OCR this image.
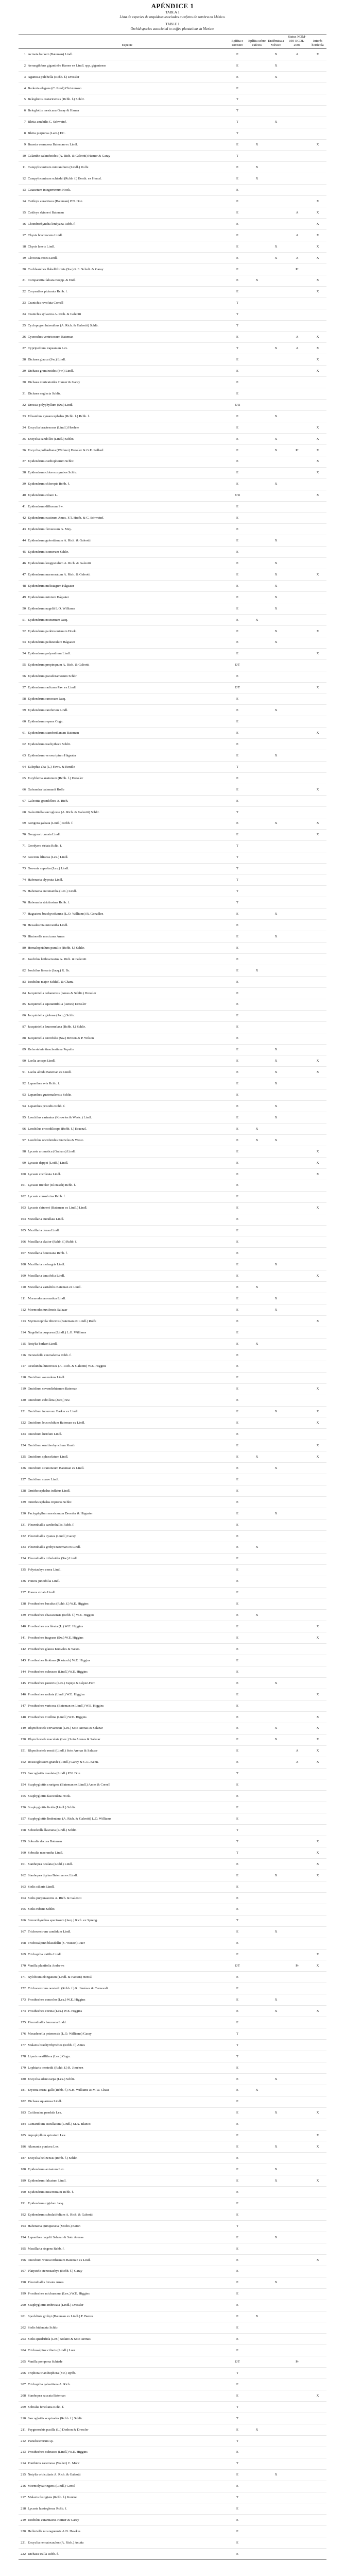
APÉNDICE 1
TABLA 1
Lista de especies de orquídeas asociadas a cafetos de sombra en México.
TABLE 1
Orchid species associated to coffee plantations in Mexico.
	Especie	Epífita o terrestre	Epífita sobre cafetos	Endémica a México	Status NOM-059-ECOL-2001	Interés hortícola
1	Acineta barkeri (Bateman) Lindl.	E		X	A	X
2	Aerangilobus gigantiebe Hamer ex Lindl. spp. gigantense	E		X		
3	Aganisia pulchella (Rchb. f.) Dressler	E		X		
4	Barkeria elegans (C. Presl) Christenson	E				
5	Beloglottis costaricensis (Rchb. f.) Schltr.	T				
6	Beloglottis mexicana Garay & Hamer	T				
7	Bletia amabilis C. Schweinf.	T		X		
8	Bletia purpurea (Lam.) DC.	T				
9	Brassia verrucosa Bateman ex Lindl.	E	X			X
10	Calanthe calanthoides (A. Rich. & Galeotti) Hamer & Garay	T				
11	Campylocentrum micranthum (Lindl.) Rolfe	E	X			
12	Campylocentrum schiedei (Rchb. f.) Benth. ex Hemsl.	E	X			
13	Catasetum integerrimum Hook.	E				
14	Cattleya aurantiaca (Bateman) P.N. Don	E				X
15	Cattleya skinneri Bateman	E			A	X
16	Chondrorhyncha lendyana Rchb. f.	E				X
17	Chysis bractescens Lindl.	E			A	X
18	Chysis laevis Lindl.	E		X		X
19	Clowesia rosea Lindl.	E		X	A	X
20	Cochleanthes flabelliformis (Sw.) R.E. Schult. & Garay	E			Pr	
21	Comparettia falcata Poepp. & Endl.	E	X			X
22	Coryanthes picturata Rchb. f.	E				X
23	Cranichis revoluta Correll	T				
24	Cranichis sylvatica A. Rich. & Galeotti	T				
25	Cyclopogon luteoalbus (A. Rich. & Galeotti) Schltr.	T				
26	Cycnoches ventricosum Bateman	E			A	X
27	Cypripedium irapeanum Lex.	T		X	A	X
28	Dichaea glauca (Sw.) Lindl.	E				X
29	Dichaea graminoides (Sw.) Lindl.	E				X
30	Dichaea muricatoides Hamer & Garay	E				
31	Dichaea neglecta Schltr.	E				
32	Dressia polyphyllum (Sw.) Lindl.	E/R				
33	Elleanthus cynarocephalus (Rchb. f.) Rchb. f.	E		X		
34	Encyclia bractescens (Lindl.) Hoehne	E				X
35	Encyclia candollei (Lindl.) Schltr.	E		X		X
36	Encyclia pollardiana (Withner) Dressler & G.E. Pollard	E		X	Pr	X
37	Epidendrum cardiophorum Schltr.	E				X
38	Epidendrum chlorocorymbos Schltr.	E				X
39	Epidendrum chloropis Rchb. f.	E		X		
40	Epidendrum ciliare L.	E/R				X
41	Epidendrum diffusum Sw.	E				
42	Epidendrum eustirum Ames, F.T. Hubb. & C. Schweinf.	E				
43	Epidendrum flexuosum G. Mey.	E				
44	Epidendrum galeottianum A. Rich. & Galeotti	E		X		
45	Epidendrum isomerum Schltr.	E				
46	Epidendrum longipetalum A. Rich. & Galeotti	E		X		
47	Epidendrum marmoratum A. Rich. & Galeotti	E		X		X
48	Epidendrum melistagum Hágsater	E		X		
49	Epidendrum mixtum Hágsater	E		X		
50	Epidendrum nagelii L.O. Williams	E		X		
51	Epidendrum nocturnum Jacq.	E	X			
52	Epidendrum parkinsonianum Hook.	E		X		X
53	Epidendrum pedunculare Hágsater	E		X		
54	Epidendrum polyanthum Lindl.	E				X
55	Epidendrum propinquum A. Rich. & Galeotti	E/T				
56	Epidendrum pseudoramosum Schltr.	E				
57	Epidendrum radicans Pav. ex Lindl.	E/T				X
58	Epidendrum ramosum Jacq.	E				
59	Epidendrum raniferum Lindl.	E		X		
60	Epidendrum repens Cogn.	E				
61	Epidendrum stamfordianum Bateman	E				X
62	Epidendrum trachythece Schltr.	E				
63	Epidendrum veroscriptum Hágsater	E		X		
64	Eulophia alta (L.) Fawc. & Rendle	T				
65	Euryblema anatonum (Rchb. f.) Dressler	E				
66	Galeandra batemanii Rolfe	E				X
67	Galeottia grandiflora A. Rich.	E				
68	Galeottiella sarcoglossa (A. Rich. & Galeotti) Schltr.	T				
69	Gongora galeata (Lindl.) Rchb. f.	E		X		X
70	Gongora truncata Lindl.	E				X
71	Goodyera striata Rchb. f.	T				
72	Govenia liliacea (Lex.) Lindl.	T				
73	Govenia superba (Lex.) Lindl.	T				
74	Habenaria clypeata Lindl.	T				
75	Habenaria entomantha (Lex.) Lindl.	T				
76	Habenaria strictissima Rchb. f.	T				
77	Hagsatera brachycolumna (L.O. Williams) R. González	E		X		
78	Hexadesmia micrantha Lindl.	E				
79	Hintonella mexicana Ames	E		X		
80	Homalopetalum pumilio (Rchb. f.) Schltr.	E				
81	Isochilus latibracteatus A. Rich. & Galeotti	E				
82	Isochilus linearis (Jacq.) R. Br.	E	X			
83	Isochilus major Schltdl. & Cham.	E				
84	Jacquiniella cobanensis (Ames & Schltr.) Dressler	E				
85	Jacquiniella equitantifolia (Ames) Dressler	E				
86	Jacquiniella globosa (Jacq.) Schltr.	E				
87	Jacquiniella leucomelana (Rchb. f.) Schltr.	E				
88	Jacquiniella teretifolia (Sw.) Britton & P. Wilson	E				
89	Kefersteinia tinschertiana Pupulin	E		X		
90	Laelia anceps Lindl.	E		X		X
91	Laelia albida Bateman ex Lindl.	E		X		X
92	Lepanthes avis Rchb. f.	E		X		
93	Lepanthes guatemalensis Schltr.	E				
94	Lepanthes pristidis Rchb. f.	E		X		
95	Leochilus carinatus (Knowles & Westc.) Lindl.	E		X		
96	Leochilus crocodiliceps (Rchb. f.) Kraenzl.	E	X			
97	Leochilus oncidioides Knowles & Westc.	E	X	X		
98	Lycaste aromatica (Graham) Lindl.	E				X
99	Lycaste deppei (Lodd.) Lindl.	E				X
100	Lycaste cochleata Lindl.	E				X
101	Lycaste tricolor (Klotzsch) Rchb. f.	E				
102	Lycaste consobrina Rchb. f.	E				
103	Lycaste skinneri (Bateman ex Lindl.) Lindl.	E				X
104	Maxillaria cucullata Lindl.	E				
105	Maxillaria densa Lindl.	E				
106	Maxillaria elatior (Rchb. f.) Rchb. f.	E				
107	Maxillaria houtteana Rchb. f.	E				
108	Maxillaria meleagris Lindl.	E		X		
109	Maxillaria tenuifolia Lindl.	E				X
110	Maxillaria variabilis Bateman ex Lindl.	E	X			
111	Mormodes aromatica Lindl.	E		X		
112	Mormodes tuxtlensis Salazar	E		X		
113	Myrmecophila tibicinis (Bateman ex Lindl.) Rolfe	E				X
114	Nageliella purpurea (Lindl.) L.O. Williams	E				
115	Notylia barkeri Lindl.	E	X			
116	Oerstedella centradenia Rchb. f.	E				
117	Oestlundia luteorosea (A. Rich. & Galeotti) W.E. Higgins	E				
118	Oncidium ascendens Lindl.	E				
119	Oncidium cavendishianum Bateman	E				X
120	Oncidium cebolleta (Jacq.) Sw.	E				
121	Oncidium incurvum Barker ex Lindl.	E		X		X
122	Oncidium leucochilum Bateman ex Lindl.	E				X
123	Oncidium luridum Lindl.	E				
124	Oncidium ornithorhynchum Kunth	E				X
125	Oncidium sphacelatum Lindl.	E	X			X
126	Oncidium stramineum Bateman ex Lindl.	E		X		
127	Oncidium suave Lindl.	E				
128	Ornithocephalus inflatus Lindl.	E				
129	Ornithocephalus tripterus Schltr.	E				
130	Pachyphyllum mexicanum Dressler & Hágsater	E		X		
131	Pleurothallis cardiothallis Rchb. f.	E				
132	Pleurothallis cyanea (Lindl.) Garay	E				
133	Pleurothallis grobyi Bateman ex Lindl.	E	X			
134	Pleurothallis tribuloides (Sw.) Lindl.	E				
135	Polystachya cerea Lindl.	E				
136	Ponera juncifolia Lindl.	E				
137	Ponera striata Lindl.	E				
138	Prosthechea baculus (Rchb. f.) W.E. Higgins	E				
139	Prosthechea chacaoensis (Rchb. f.) W.E. Higgins	E	X			
140	Prosthechea cochleata (L.) W.E. Higgins	E				X
141	Prosthechea fragrans (Sw.) W.E. Higgins	E				X
142	Prosthechea glauca Knowles & Westc.	E				
143	Prosthechea linkiana (Klotzsch) W.E. Higgins	E				
144	Prosthechea ochracea (Lindl.) W.E. Higgins	E				
145	Prosthechea pastoris (Lex.) Espejo & López-Ferr.	E		X		
146	Prosthechea radiata (Lindl.) W.E. Higgins	E				X
147	Prosthechea varicosa (Bateman ex Lindl.) W.E. Higgins	E				
148	Prosthechea vitellina (Lindl.) W.E. Higgins	E				X
149	Rhynchostele cervantesii (Lex.) Soto Arenas & Salazar	E		X		X
150	Rhynchostele maculata (Lex.) Soto Arenas & Salazar	E		X		X
151	Rhynchostele rossii (Lindl.) Soto Arenas & Salazar	E			A	X
152	Rossioglossum grande (Lindl.) Garay & G.C. Kenn.	E			A	X
153	Sarcoglottis rosulata (Lindl.) P.N. Don	T				
154	Scaphyglottis crurigera (Bateman ex Lindl.) Ames & Correll	E				
155	Scaphyglottis fasciculata Hook.	E				
156	Scaphyglottis livida (Lindl.) Schltr.	E				
157	Scaphyglottis lindeniana (A. Rich. & Galeotti) L.O. Williams	E				
158	Schiedeella llaveana (Lindl.) Schltr.	T				
159	Sobralia decora Bateman	T				X
160	Sobralia macrantha Lindl.	T				X
161	Stanhopea oculata (Lodd.) Lindl.	E				X
162	Stanhopea tigrina Bateman ex Lindl.	E		X		X
163	Stelis ciliaris Lindl.	E				
164	Stelis purpurascens A. Rich. & Galeotti	E				
165	Stelis rubens Schltr.	E				
166	Stenorrhynchos speciosum (Jacq.) Rich. ex Spreng.	T				
167	Trichocentrum candidum Lindl.	E		X		
168	Trichosalpinx blaisdellii (S. Watson) Luer	E				
169	Trichopilia tortilis Lindl.	E				X
170	Vanilla planifolia Andrews	E/T			Pr	X
171	Xylobium elongatum (Lindl. & Paxton) Hemsl.	E				
172	Trichocentrum oerstedii (Rchb. f.) R. Jiménez & Carnevali	E				
173	Prosthechea concolor (Lex.) W.E. Higgins	E		X		
174	Prosthechea citrina (Lex.) W.E. Higgins	E		X		X
175	Pleurothallis lanceana Lodd.	E				
176	Mesadenella petenensis (L.O. Williams) Garay	T				
177	Malaxis brachyrrhynchos (Rchb. f.) Ames	T				
178	Liparis vexillifera (Lex.) Cogn.	T				
179	Lophiaris oerstedii (Rchb. f.) R. Jiménez	E				
180	Encyclia adenocarpa (Lex.) Schltr.	E		X		
181	Erycina crista-galli (Rchb. f.) N.H. Williams & M.W. Chase	E	X			
182	Dichaea squarrosa Lindl.	E				
183	Cuitlauzina pendula Lex.	E		X		X
184	Camaridium cucullatum (Lindl.) M.A. Blanco	E				
185	Arpophyllum spicatum Lex.	E				X
186	Alamania punicea Lex.	E		X		X
187	Encyclia belizensis (Rchb. f.) Schltr.	E				
188	Epidendrum anisatum Lex.	E		X		
189	Epidendrum falcatum Lindl.	E		X		X
190	Epidendrum miserrimum Rchb. f.	E				
191	Epidendrum rigidum Jacq.	E				
192	Epidendrum subulatifolium A. Rich. & Galeotti	E				
193	Habenaria quinqueseta (Michx.) Eaton	T				
194	Lepanthes nagelii Salazar & Soto Arenas	E		X		
195	Maxillaria ringens Rchb. f.	E				
196	Oncidium wentworthianum Bateman ex Lindl.	E				X
197	Platystele stenostachya (Rchb. f.) Garay	E				
198	Pleurothallis hirsuta Ames	E		X		
199	Prosthechea michuacana (Lex.) W.E. Higgins	E				
200	Scaphyglottis imbricata (Lindl.) Dressler	E				
201	Specklinia grobyi (Bateman ex Lindl.) F. Barros	E	X			
202	Stelis bidentata Schltr.	E				
203	Stelis quadrifida (Lex.) Solano & Soto Arenas	E				
204	Trichosalpinx ciliaris (Lindl.) Luer	E				
205	Vanilla pompona Schiede	E/T			Pr	
206	Triphora trianthophora (Sw.) Rydb.	T				
207	Trichopilia galeottiana A. Rich.	E				
208	Stanhopea saccata Bateman	E				X
209	Sobralia fenzliana Rchb. f.	T				
210	Sarcoglottis sceptrodes (Rchb. f.) Schltr.	T				
211	Psygmorchis pusilla (L.) Dodson & Dressler	E	X			
212	Pseudocentrum sp.	T				
213	Prosthechea ochracea (Lindl.) W.E. Higgins	E				
214	Ponthieva racemosa (Walter) C. Mohr	T				
215	Notylia orbicularis A. Rich. & Galeotti	E		X		
216	Mormolyca ringens (Lindl.) Gentil	E				
217	Malaxis fastigiata (Rchb. f.) Kuntze	T				
218	Lycaste lassioglossa Rchb. f.	E				
219	Isochilus aurantiacus Hamer & Garay	E				
220	Helleriella nicaraguensis A.D. Hawkes	E				
221	Encyclia nematocaulon (A. Rich.) Acuña	E				
222	Dichaea trulla Rchb. f.	E				
